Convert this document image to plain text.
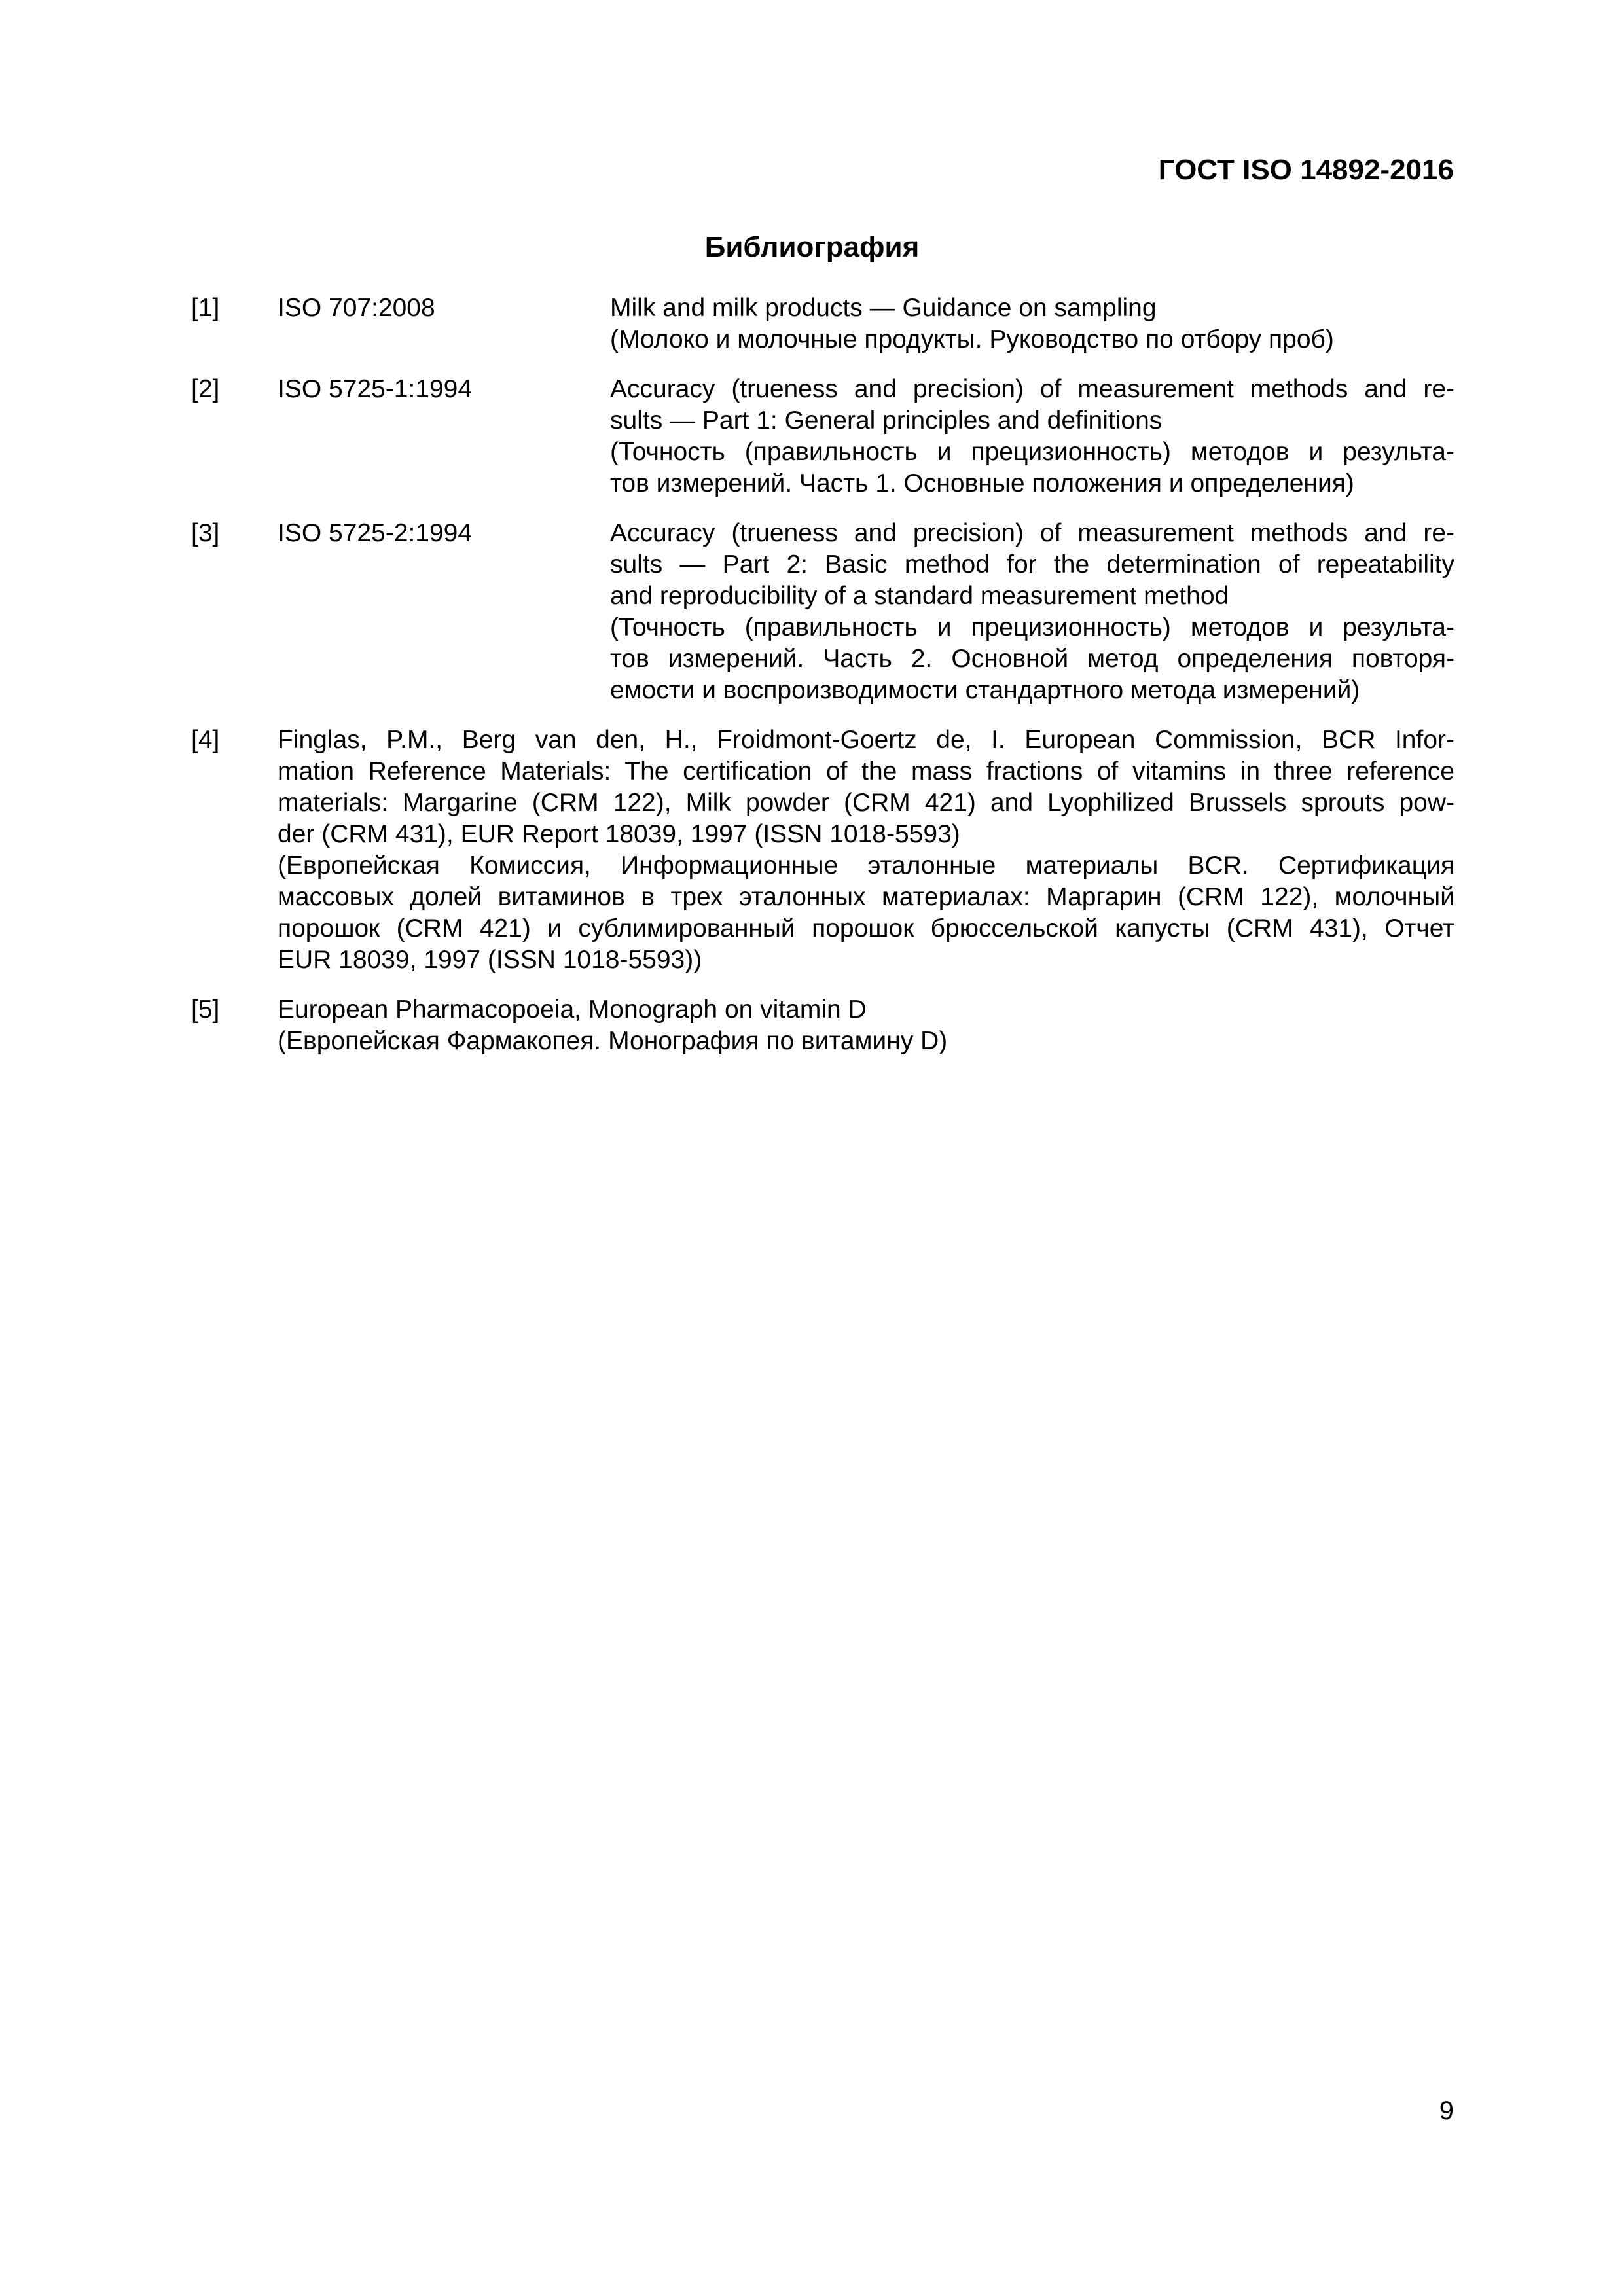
ГОСТ ISO 14892-2016
Библиография
[1] ISO 707:2008	Milk and milk products — Guidance on sampling
(Молоко и молочные продукты. Руководство по отбору проб)
[2] ISO 5725-1:1994	Accuracy (trueness and precision) of measurement methods and re-
sults — Part 1: General principles and definitions
(Точность (правильность и прецизионность) методов и результа-
тов измерений. Часть 1. Основные положения и определения)
[3] ISO 5725-2:1994	Accuracy (trueness and precision) of measurement methods and re-
sults — Part 2: Basic method for the determination of repeatability
and reproducibility of a standard measurement method
(Точность (правильность и прецизионность) методов и результа-
тов измерений. Часть 2. Основной метод определения повторя-
емости и воспроизводимости стандартного метода измерений)
[4] Finglas, P.M., Berg van den, H., Froidmont-Goertz de, I. European Commission, BCR Infor-
mation Reference Materials: The certification of the mass fractions of vitamins in three reference
materials: Margarine (CRM 122), Milk powder (CRM 421) and Lyophilized Brussels sprouts pow-
der (CRM 431), EUR Report 18039, 1997 (ISSN 1018-5593)
(Европейская Комиссия, Информационные эталонные материалы BCR. Сертификация
массовых долей витаминов в трех эталонных материалах: Маргарин (CRM 122), молочный
порошок (CRM 421) и сублимированный порошок брюссельской капусты (CRM 431), Отчет
EUR 18039, 1997 (ISSN 1018-5593))
[5] European Pharmacopoeia, Monograph on vitamin D
(Европейская Фармакопея. Монография по витамину D)
9
